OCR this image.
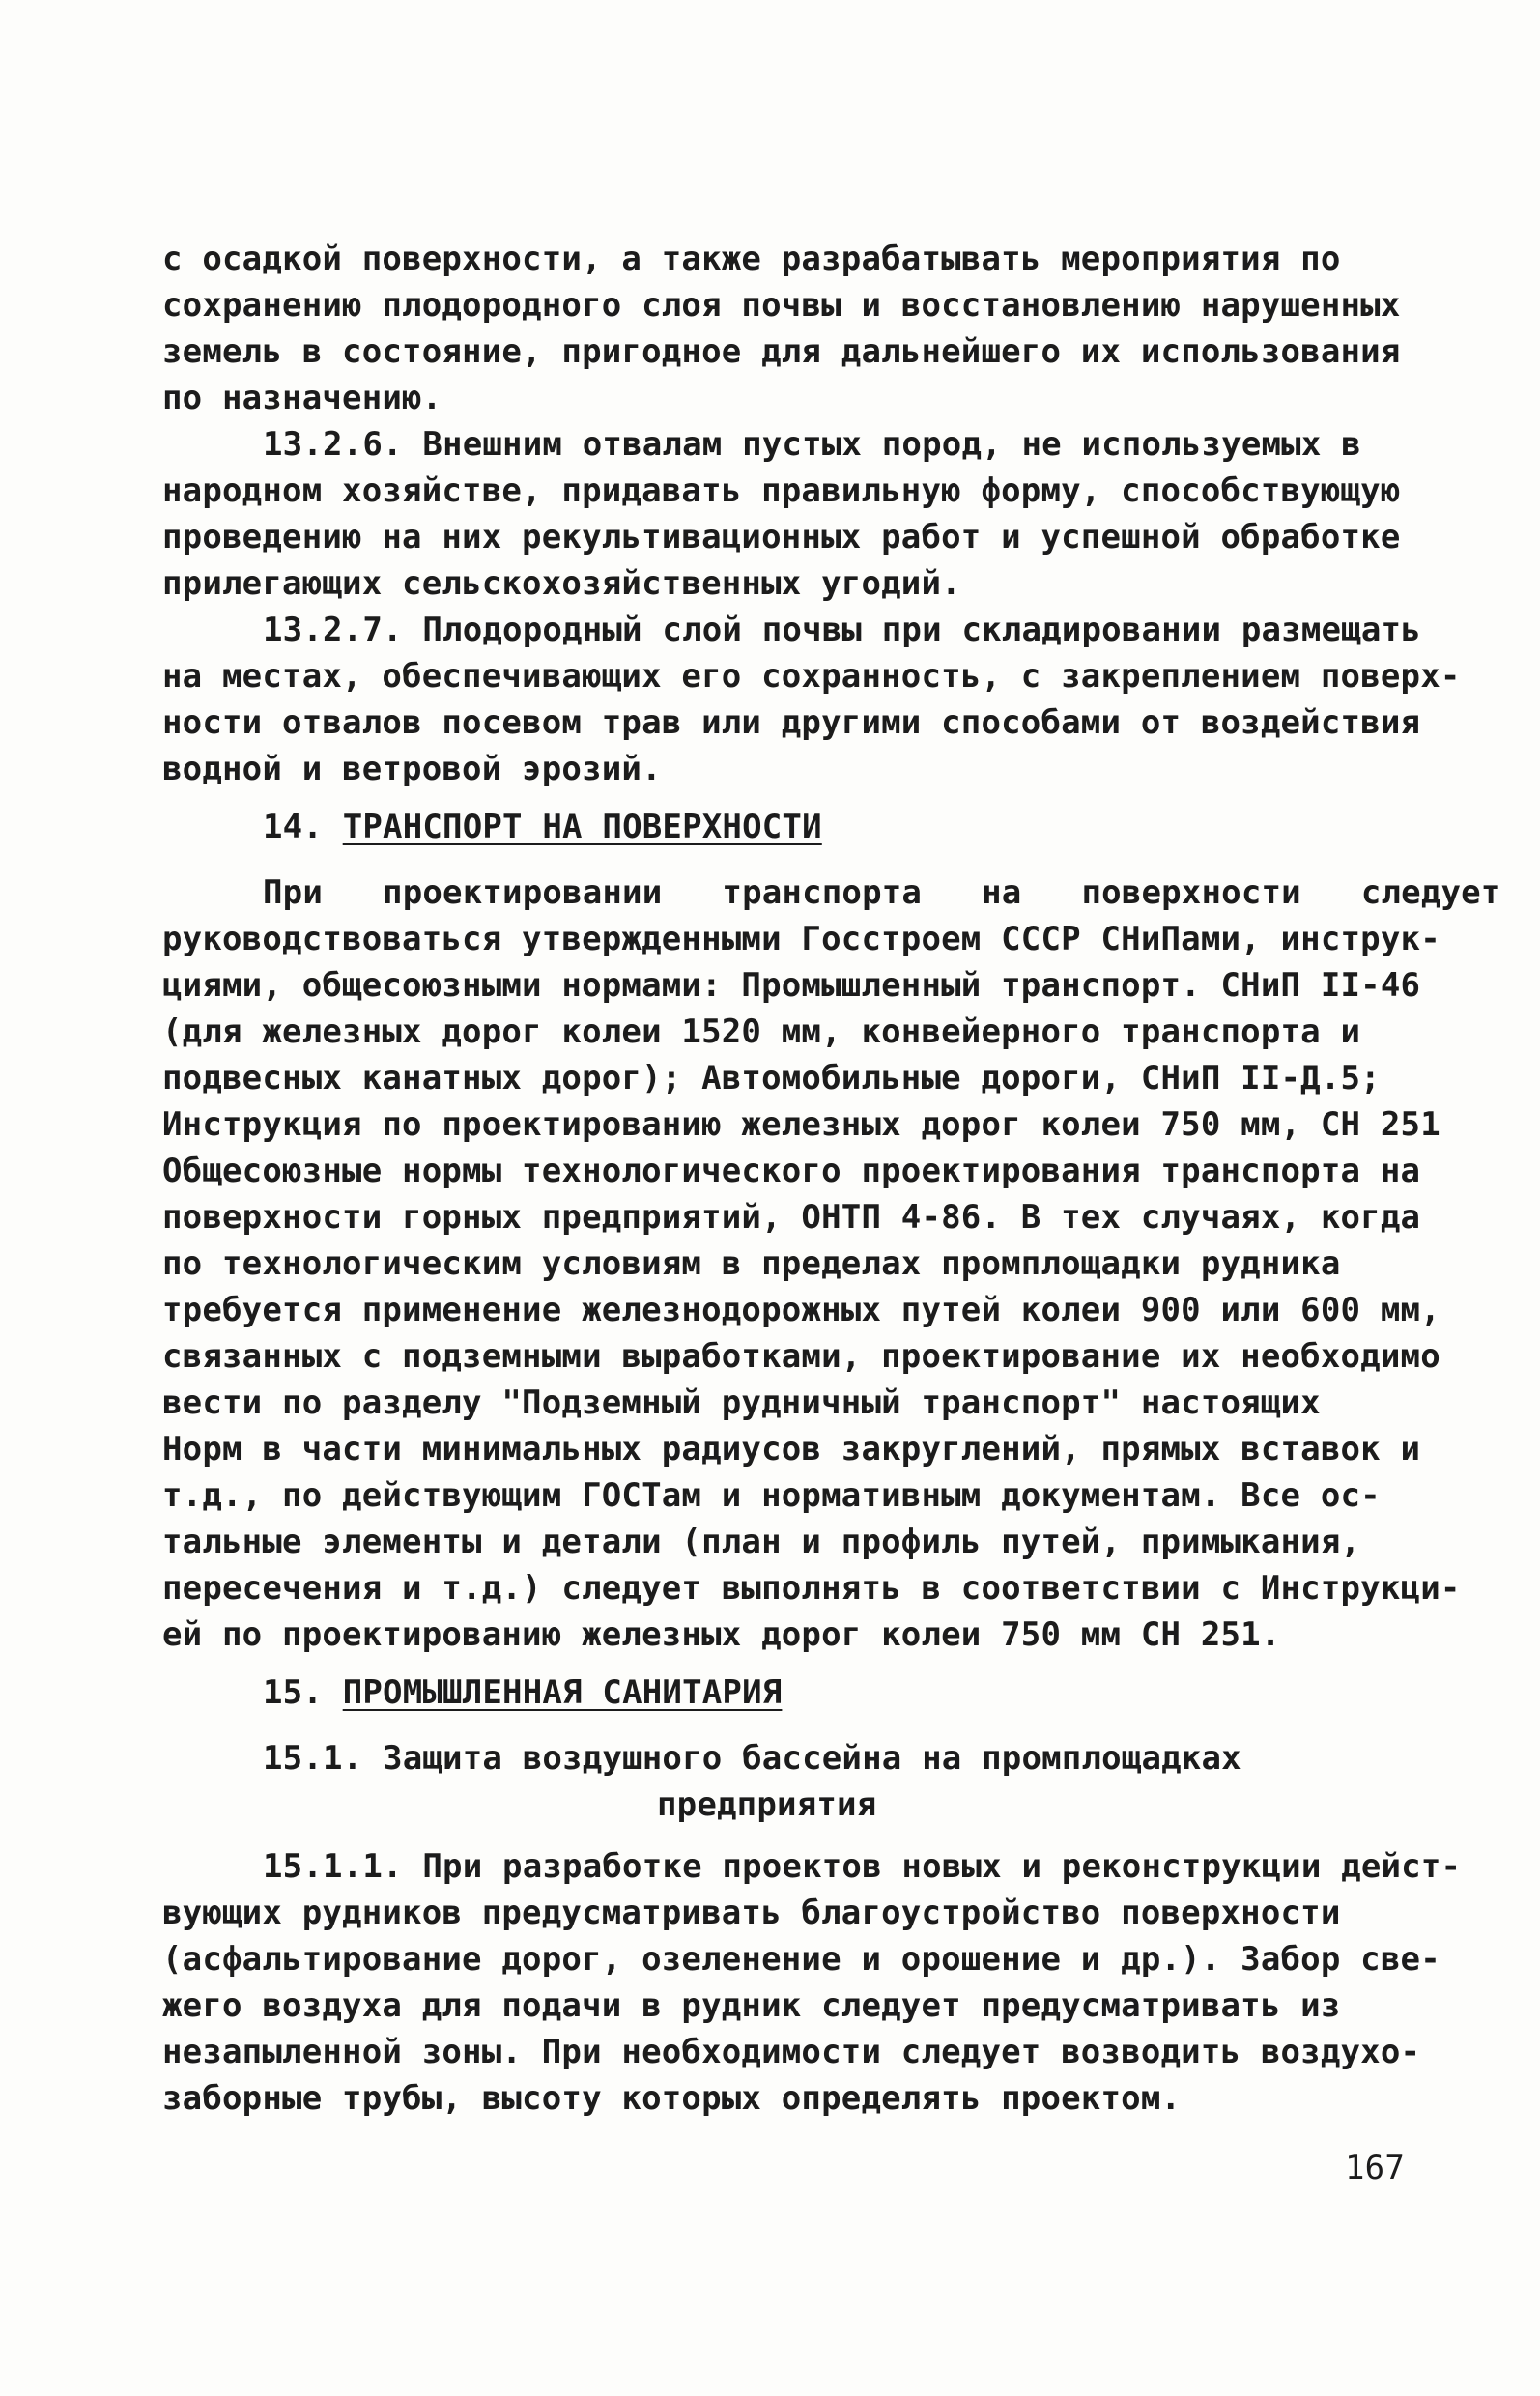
с осадкой поверхности, а также разрабатывать мероприятия по
сохранению плодородного слоя почвы и восстановлению нарушенных
земель в состояние, пригодное для дальнейшего их использования
по назначению.
13.2.6. Внешним отвалам пустых пород, не используемых в
народном хозяйстве, придавать правильную форму, способствующую
проведению на них рекультивационных работ и успешной обработке
прилегающих сельскохозяйственных угодий.
13.2.7. Плодородный слой почвы при складировании размещать
на местах, обеспечивающих его сохранность, с закреплением поверх-
ности отвалов посевом трав или другими способами от воздействия
водной и ветровой эрозий.
14. ТРАНСПОРТ НА ПОВЕРХНОСТИ
При   проектировании   транспорта   на   поверхности   следует
руководствоваться утвержденными Госстроем СССР СНиПами, инструк-
циями, общесоюзными нормами: Промышленный транспорт. СНиП II-46
(для железных дорог колеи 1520 мм, конвейерного транспорта и
подвесных канатных дорог); Автомобильные дороги, СНиП II-Д.5;
Инструкция по проектированию железных дорог колеи 750 мм, СН 251
Общесоюзные нормы технологического проектирования транспорта на
поверхности горных предприятий, ОНТП 4-86. В тех случаях, когда
по технологическим условиям в пределах промплощадки рудника
требуется применение железнодорожных путей колеи 900 или 600 мм,
связанных с подземными выработками, проектирование их необходимо
вести по разделу "Подземный рудничный транспорт" настоящих
Норм в части минимальных радиусов закруглений, прямых вставок и
т.д., по действующим ГОСТам и нормативным документам. Все ос-
тальные элементы и детали (план и профиль путей, примыкания,
пересечения и т.д.) следует выполнять в соответствии с Инструкци-
ей по проектированию железных дорог колеи 750 мм СН 251.
15. ПРОМЫШЛЕННАЯ САНИТАРИЯ
15.1. Защита воздушного бассейна на промплощадках
предприятия
15.1.1. При разработке проектов новых и реконструкции дейст-
вующих рудников предусматривать благоустройство поверхности
(асфальтирование дорог, озеленение и орошение и др.). Забор све-
жего воздуха для подачи в рудник следует предусматривать из
незапыленной зоны. При необходимости следует возводить воздухо-
заборные трубы, высоту которых определять проектом.
167
